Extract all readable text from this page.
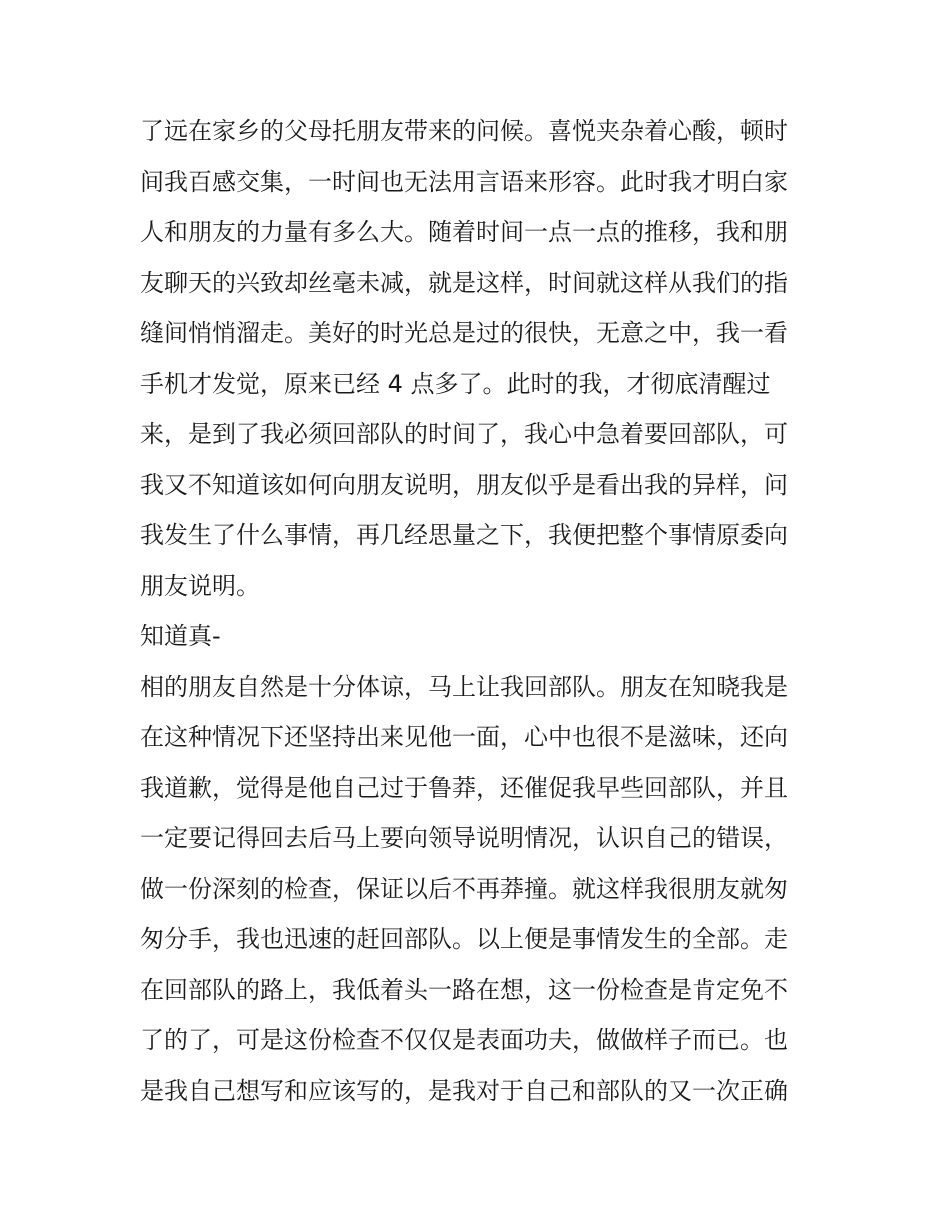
了远在家乡的父母托朋友带来的问候。喜悦夹杂着心酸，顿时
间我百感交集，一时间也无法用言语来形容。此时我才明白家
人和朋友的力量有多么大。随着时间一点一点的推移，我和朋
友聊天的兴致却丝毫未减，就是这样，时间就这样从我们的指
缝间悄悄溜走。美好的时光总是过的很快，无意之中，我一看
手机才发觉，原来已经 4 点多了。此时的我，才彻底清醒过
来，是到了我必须回部队的时间了，我心中急着要回部队，可
我又不知道该如何向朋友说明，朋友似乎是看出我的异样，问
我发生了什么事情，再几经思量之下，我便把整个事情原委向
朋友说明。
知道真-
相的朋友自然是十分体谅，马上让我回部队。朋友在知晓我是
在这种情况下还坚持出来见他一面，心中也很不是滋味，还向
我道歉，觉得是他自己过于鲁莽，还催促我早些回部队，并且
一定要记得回去后马上要向领导说明情况，认识自己的错误，
做一份深刻的检查，保证以后不再莽撞。就这样我很朋友就匆
匆分手，我也迅速的赶回部队。以上便是事情发生的全部。走
在回部队的路上，我低着头一路在想，这一份检查是肯定免不
了的了，可是这份检查不仅仅是表面功夫，做做样子而已。也
是我自己想写和应该写的，是我对于自己和部队的又一次正确
